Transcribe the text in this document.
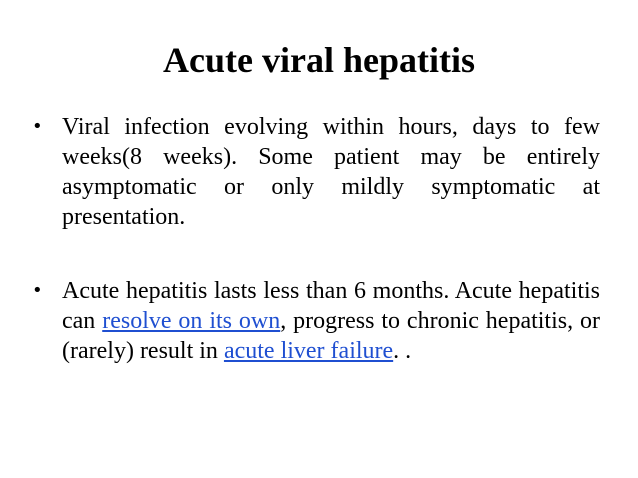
Acute viral hepatitis
• Viral infection evolving within hours, days to few weeks(8 weeks). Some patient may be entirely asymptomatic or only mildly symptomatic at presentation.
• Acute hepatitis lasts less than 6 months. Acute hepatitis can resolve on its own, progress to chronic hepatitis, or (rarely) result in acute liver failure. .
